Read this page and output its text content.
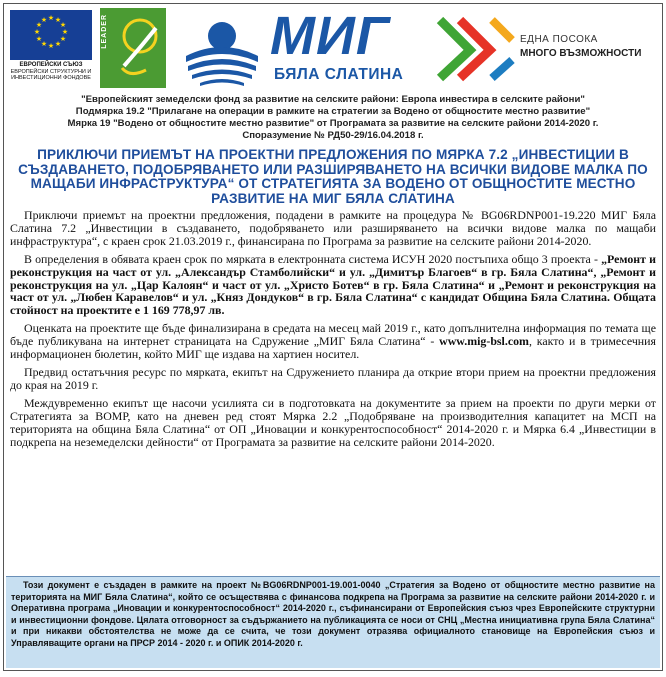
★ ★
★
★
★
★
★
★
★
★
★
★
ЕВРОПЕЙСКИ СЪЮЗ
ЕВРОПЕЙСКИ СТРУКТУРНИ И ИНВЕСТИЦИОННИ ФОНДОВЕ
LEADER	МИГ
БЯЛА СЛАТИНА
ЕДНА ПОСОКА
МНОГО ВЪЗМОЖНОСТИ
"Европейският земеделски фонд за развитие на селските райони: Европа инвестира в селските райони"
Подмярка 19.2 "Прилагане на операции в рамките на стратегии за Водено от общностите местно развитие"
Мярка 19 "Водено от общностите местно развитие" от Програмата за развитие на селските райони 2014-2020 г.
Споразумение № РД50-29/16.04.2018 г.
ПРИКЛЮЧИ ПРИЕМЪТ НА ПРОЕКТНИ ПРЕДЛОЖЕНИЯ ПО МЯРКА 7.2 „ИНВЕСТИЦИИ В СЪЗДАВАНЕТО, ПОДОБРЯВАНЕТО ИЛИ РАЗШИРЯВАНЕТО НА ВСИЧКИ ВИДОВЕ МАЛКА ПО МАЩАБИ ИНФРАСТРУКТУРА“ ОТ СТРАТЕГИЯТА ЗА ВОДЕНО ОТ ОБЩНОСТИТЕ МЕСТНО РАЗВИТИЕ НА МИГ БЯЛА СЛАТИНА

Приключи приемът на проектни предложения, подадени в рамките на процедура № BG06RDNP001-19.220 МИГ Бяла Слатина 7.2 „Инвестиции в създаването, подобряването или разширяването на всички видове малка по мащаби инфраструктура“, с краен срок 21.03.2019 г., финансирана по Програма за развитие на селските райони 2014-2020.

В определения в обявата краен срок по мярката в електронната система ИСУН 2020 постъпиха общо 3 проекта - „Ремонт и реконструкция на част от ул. „Александър Стамболийски“ и ул. „Димитър Благоев“ в гр. Бяла Слатина“, „Ремонт и реконструкция на ул. „Цар Калоян“ и част от ул. „Христо Ботев“ в гр. Бяла Слатина“ и „Ремонт и реконструкция на част от ул. „Любен Каравелов“ и ул. „Княз Дондуков“ в гр. Бяла Слатина“ с кандидат Община Бяла Слатина. Общата стойност на проектите е 1 169 778,97 лв.

Оценката на проектите ще бъде финализирана в средата на месец май 2019 г., като допълнителна информация по темата ще бъде публикувана на интернет страницата на Сдружение „МИГ Бяла Слатина“ - www.mig-bsl.com, както и в тримесечния информационен бюлетин, който МИГ ще издава на хартиен носител.

Предвид остатъчния ресурс по мярката, екипът на Сдружението планира да открие втори прием на проектни предложения до края на 2019 г.

Междувременно екипът ще насочи усилията си в подготовката на документите за прием на проекти по други мерки от Стратегията за ВОМР, като на дневен ред стоят Мярка 2.2 „Подобряване на производителния капацитет на МСП на територията на община Бяла Слатина“ от ОП „Иновации и конкурентоспособност“ 2014-2020 г. и Мярка 6.4 „Инвестиции в подкрепа на неземеделски дейности“ от Програмата за развитие на селските райони 2014-2020.

Този документ е създаден в рамките на проект №BG06RDNP001-19.001-0040 „Стратегия за Водено от общностите местно развитие на територията на МИГ Бяла Слатина“, който се осъществява с финансова подкрепа на Програма за развитие на селските райони 2014-2020 г. и Оперативна програма „Иновации и конкурентоспособност“ 2014-2020 г., съфинансирани от Европейския съюз чрез Европейските структурни и инвестиционни фондове. Цялата отговорност за съдържанието на публикацията се носи от СНЦ „Местна инициативна група Бяла Слатина“ и при никакви обстоятелства не може да се счита, че този документ отразява официалното становище на Европейския съюз и Управляващите органи на ПРСР 2014 - 2020 г. и ОПИК 2014-2020 г.
